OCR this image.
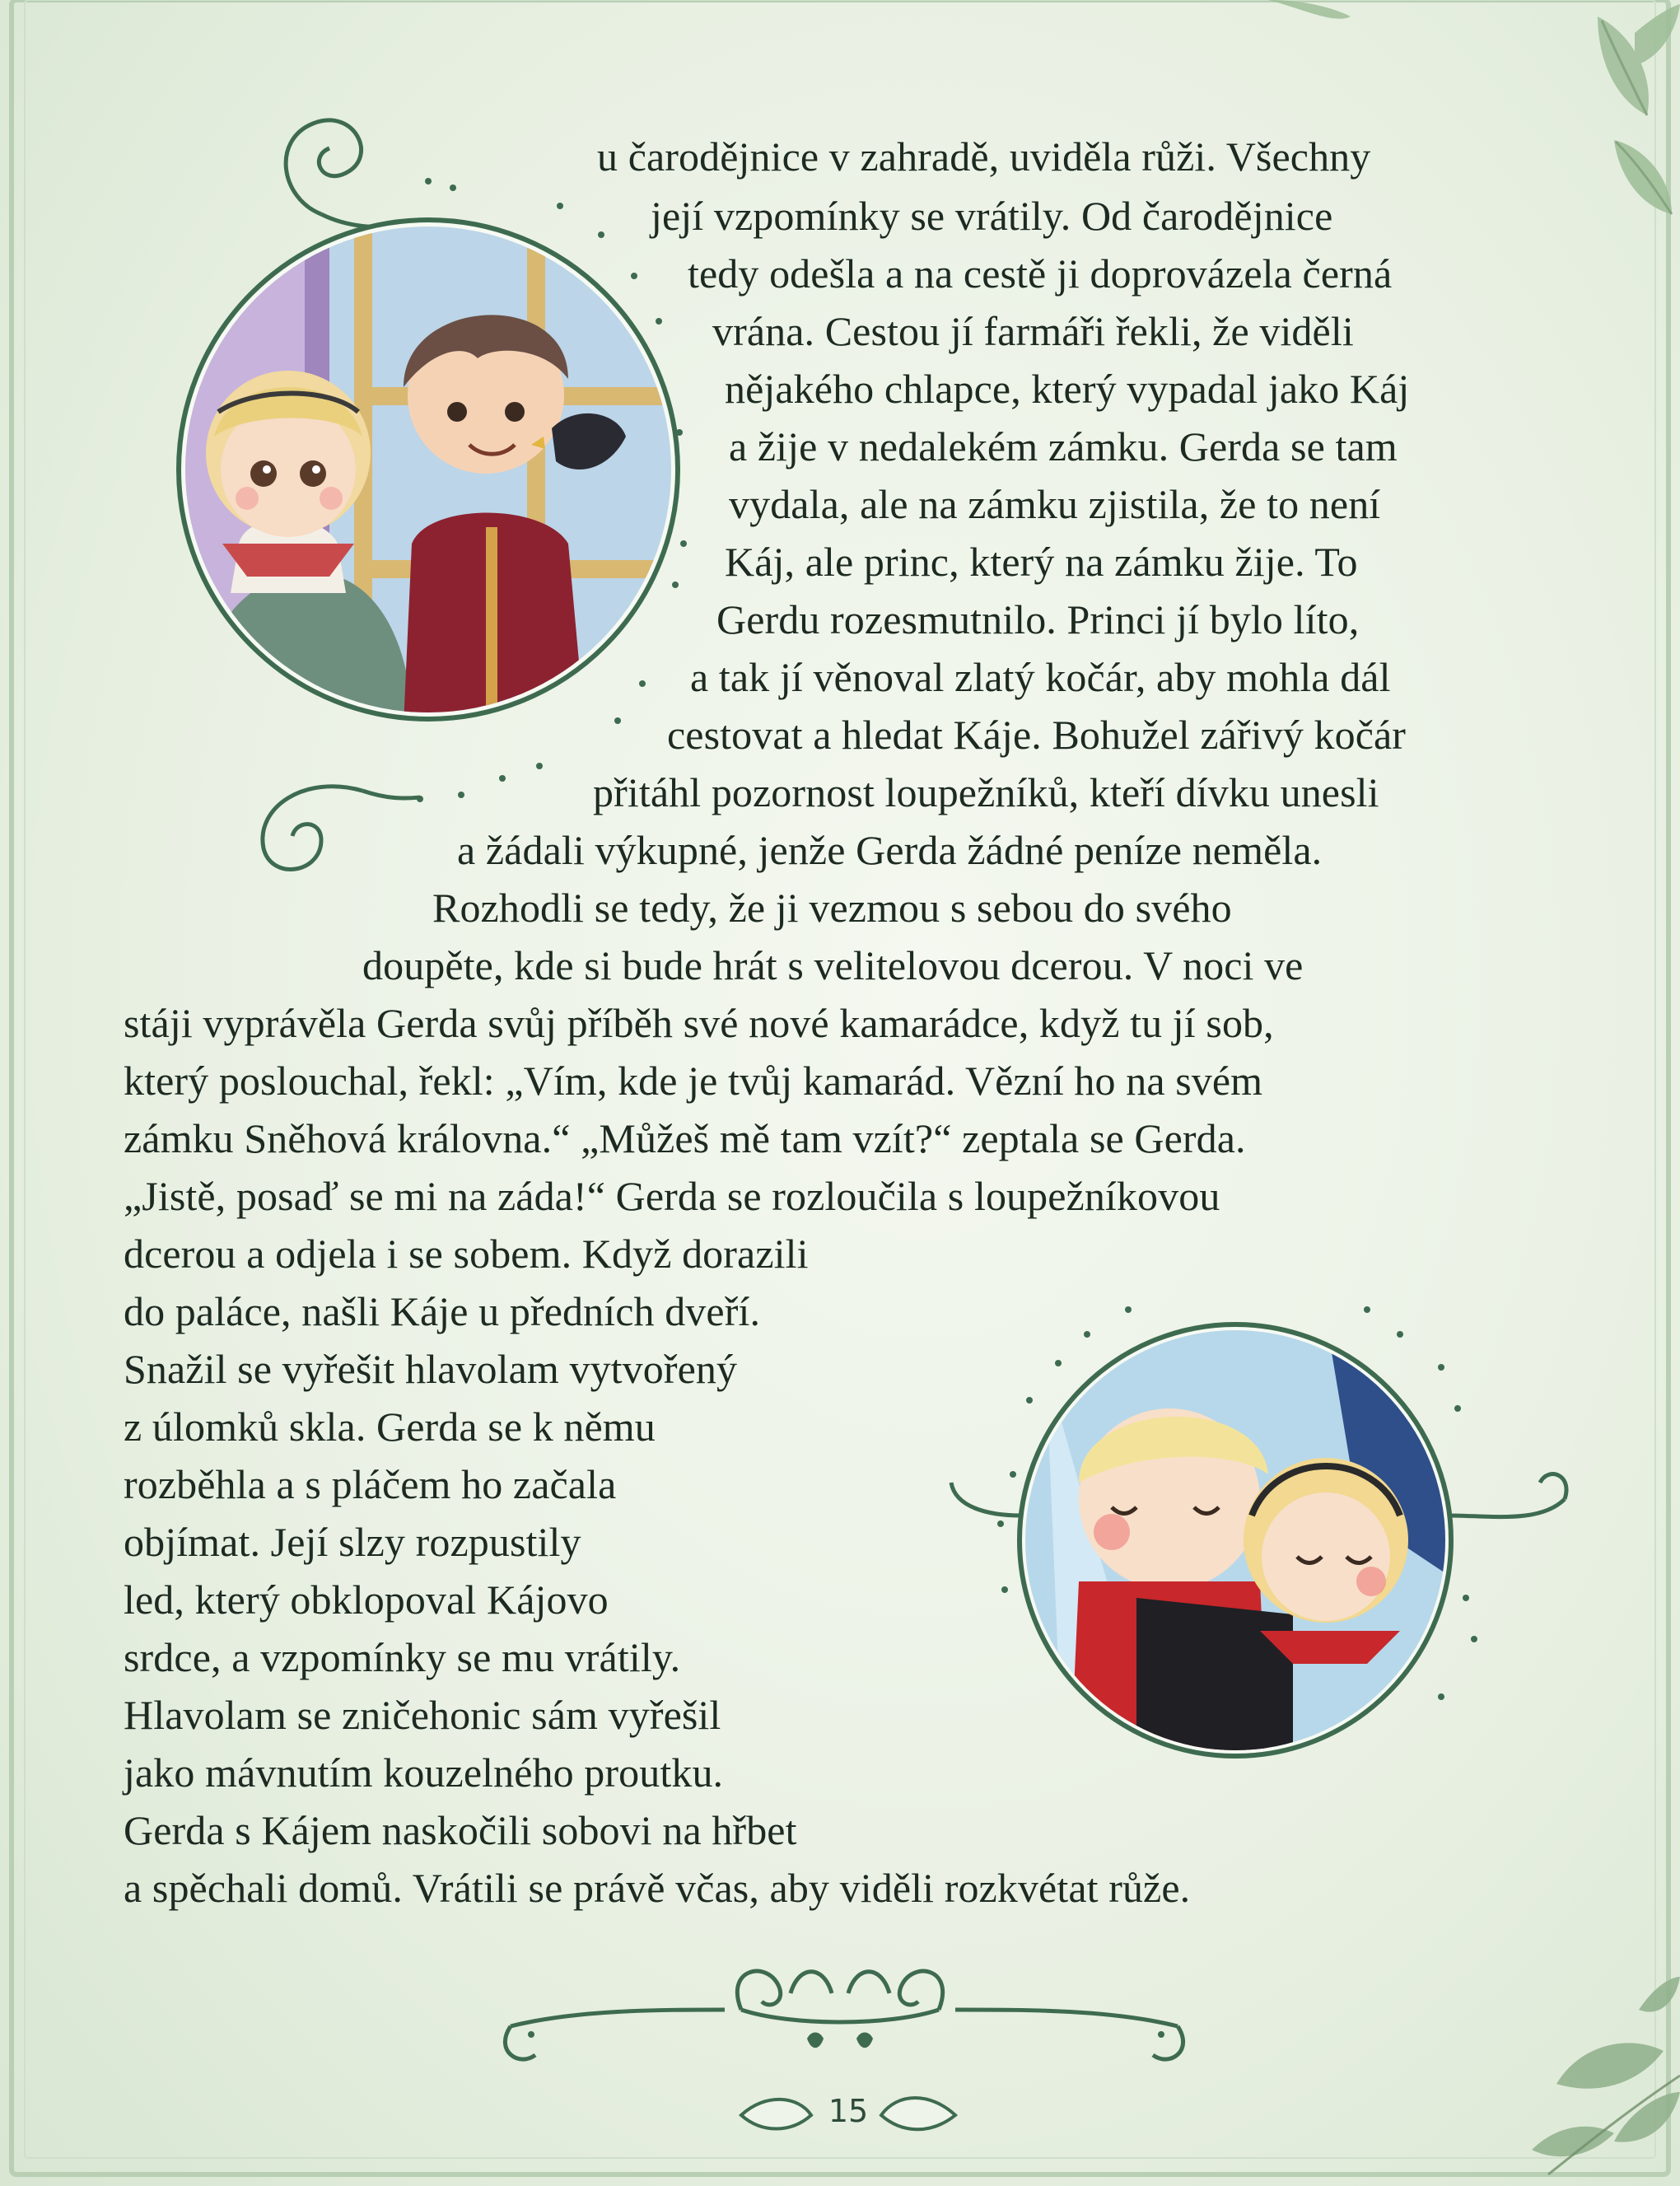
u čarodějnice v zahradě, uviděla růži. Všechny
její vzpomínky se vrátily. Od čarodějnice
tedy odešla a na cestě ji doprovázela černá
vrána. Cestou jí farmáři řekli, že viděli
nějakého chlapce, který vypadal jako Káj
a žije v nedalekém zámku. Gerda se tam
vydala, ale na zámku zjistila, že to není
Káj, ale princ, který na zámku žije. To
Gerdu rozesmutnilo. Princi jí bylo líto,
a tak jí věnoval zlatý kočár, aby mohla dál
cestovat a hledat Káje. Bohužel zářivý kočár
přitáhl pozornost loupežníků, kteří dívku unesli
a žádali výkupné, jenže Gerda žádné peníze neměla.
Rozhodli se tedy, že ji vezmou s sebou do svého
doupěte, kde si bude hrát s velitelovou dcerou. V noci ve
stáji vyprávěla Gerda svůj příběh své nové kamarádce, když tu jí sob,
který poslouchal, řekl: „Vím, kde je tvůj kamarád. Vězní ho na svém
zámku Sněhová královna.“ „Můžeš mě tam vzít?“ zeptala se Gerda.
„Jistě, posaď se mi na záda!“ Gerda se rozloučila s loupežníkovou
dcerou a odjela i se sobem. Když dorazili
do paláce, našli Káje u předních dveří.
Snažil se vyřešit hlavolam vytvořený
z úlomků skla. Gerda se k němu
rozběhla a s pláčem ho začala
objímat. Její slzy rozpustily
led, který obklopoval Kájovo
srdce, a vzpomínky se mu vrátily.
Hlavolam se zničehonic sám vyřešil
jako mávnutím kouzelného proutku.
Gerda s Kájem naskočili sobovi na hřbet
a spěchali domů. Vrátili se právě včas, aby viděli rozkvétat růže.
15
